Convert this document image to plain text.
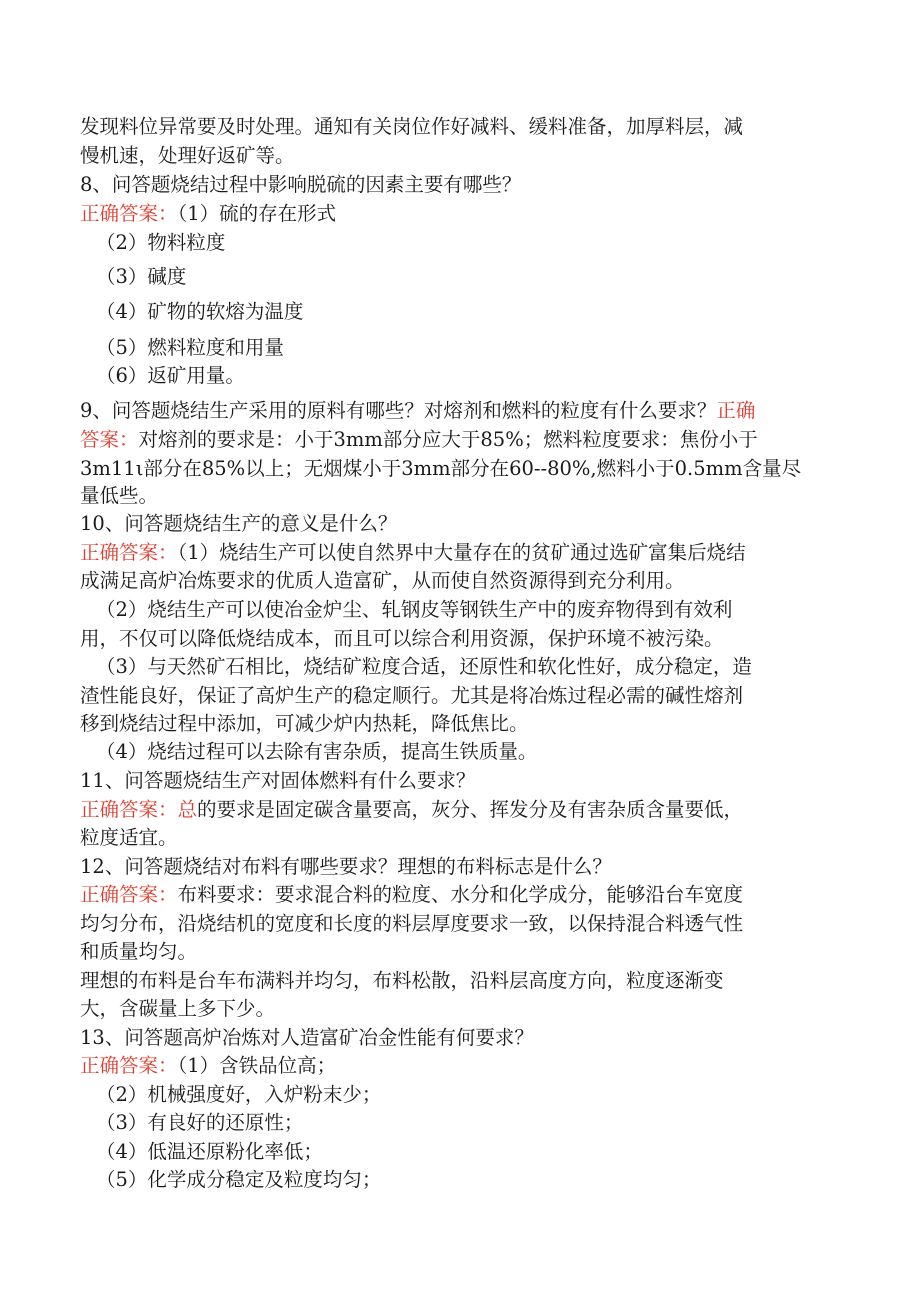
发现料位异常要及时处理。通知有关岗位作好减料、缓料准备，加厚料层，减
慢机速，处理好返矿等。
8、问答题烧结过程中影响脱硫的因素主要有哪些？
正确答案：（1）硫的存在形式
（2）物料粒度
（3）碱度
（4）矿物的软熔为温度
（5）燃料粒度和用量
（6）返矿用量。
9、问答题烧结生产采用的原料有哪些？对熔剂和燃料的粒度有什么要求？正确
答案：对熔剂的要求是：小于3mm部分应大于85%；燃料粒度要求：焦份小于
3m11ι部分在85%以上；无烟煤小于3mm部分在60--80%,燃料小于0.5mm含量尽
量低些。
10、问答题烧结生产的意义是什么？
正确答案：（1）烧结生产可以使自然界中大量存在的贫矿通过选矿富集后烧结
成满足高炉冶炼要求的优质人造富矿，从而使自然资源得到充分利用。
（2）烧结生产可以使冶金炉尘、轧钢皮等钢铁生产中的废弃物得到有效利
用，不仅可以降低烧结成本，而且可以综合利用资源，保护环境不被污染。
（3）与天然矿石相比，烧结矿粒度合适，还原性和软化性好，成分稳定，造
渣性能良好，保证了高炉生产的稳定顺行。尤其是将冶炼过程必需的碱性熔剂
移到烧结过程中添加，可减少炉内热耗，降低焦比。
（4）烧结过程可以去除有害杂质，提高生铁质量。
11、问答题烧结生产对固体燃料有什么要求？
正确答案：总的要求是固定碳含量要高，灰分、挥发分及有害杂质含量要低，
粒度适宜。
12、问答题烧结对布料有哪些要求？理想的布料标志是什么？
正确答案：布料要求：要求混合料的粒度、水分和化学成分，能够沿台车宽度
均匀分布，沿烧结机的宽度和长度的料层厚度要求一致，以保持混合料透气性
和质量均匀。
理想的布料是台车布满料并均匀，布料松散，沿料层高度方向，粒度逐渐变
大，含碳量上多下少。
13、问答题高炉冶炼对人造富矿冶金性能有何要求？
正确答案：（1）含铁品位高；
（2）机械强度好，入炉粉末少；
（3）有良好的还原性；
（4）低温还原粉化率低；
（5）化学成分稳定及粒度均匀；
